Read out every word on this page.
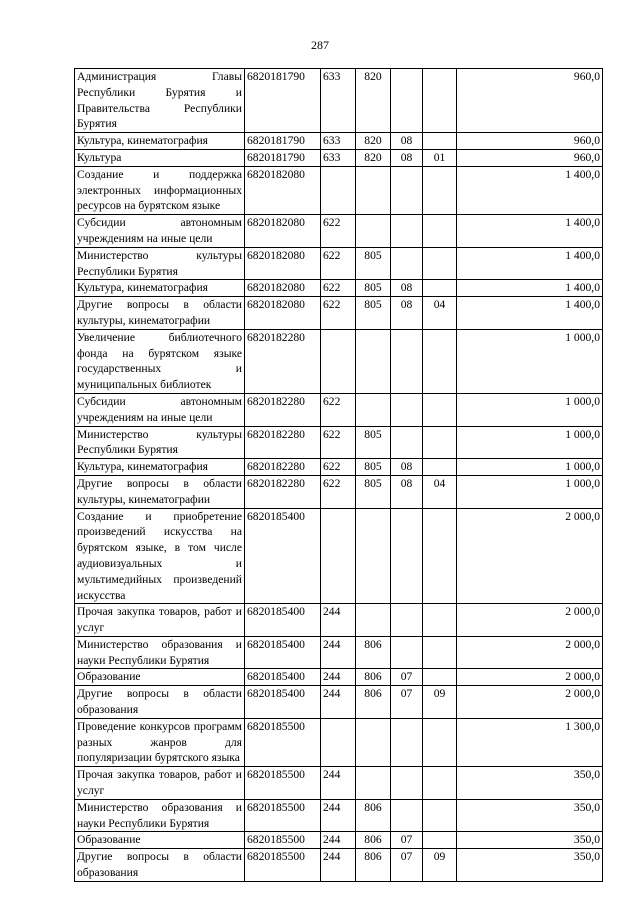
287
Администрация Главы Республики Бурятия и Правительства Республики Бурятия	6820181790	633	820			960,0
Культура, кинематография	6820181790	633	820	08		960,0
Культура	6820181790	633	820	08	01	960,0
Создание и поддержка электронных информационных ресурсов на бурятском языке	6820182080					1 400,0
Субсидии автономным учреждениям на иные цели	6820182080	622				1 400,0
Министерство культуры Республики Бурятия	6820182080	622	805			1 400,0
Культура, кинематография	6820182080	622	805	08		1 400,0
Другие вопросы в области культуры, кинематографии	6820182080	622	805	08	04	1 400,0
Увеличение библиотечного фонда на бурятском языке государственных и муниципальных библиотек	6820182280					1 000,0
Субсидии автономным учреждениям на иные цели	6820182280	622				1 000,0
Министерство культуры Республики Бурятия	6820182280	622	805			1 000,0
Культура, кинематография	6820182280	622	805	08		1 000,0
Другие вопросы в области культуры, кинематографии	6820182280	622	805	08	04	1 000,0
Создание и приобретение произведений искусства на бурятском языке, в том числе аудиовизуальных и мультимедийных произведений искусства	6820185400					2 000,0
Прочая закупка товаров, работ и услуг	6820185400	244				2 000,0
Министерство образования и науки Республики Бурятия	6820185400	244	806			2 000,0
Образование	6820185400	244	806	07		2 000,0
Другие вопросы в области образования	6820185400	244	806	07	09	2 000,0
Проведение конкурсов программ разных жанров для популяризации бурятского языка	6820185500					1 300,0
Прочая закупка товаров, работ и услуг	6820185500	244				350,0
Министерство образования и науки Республики Бурятия	6820185500	244	806			350,0
Образование	6820185500	244	806	07		350,0
Другие вопросы в области образования	6820185500	244	806	07	09	350,0
